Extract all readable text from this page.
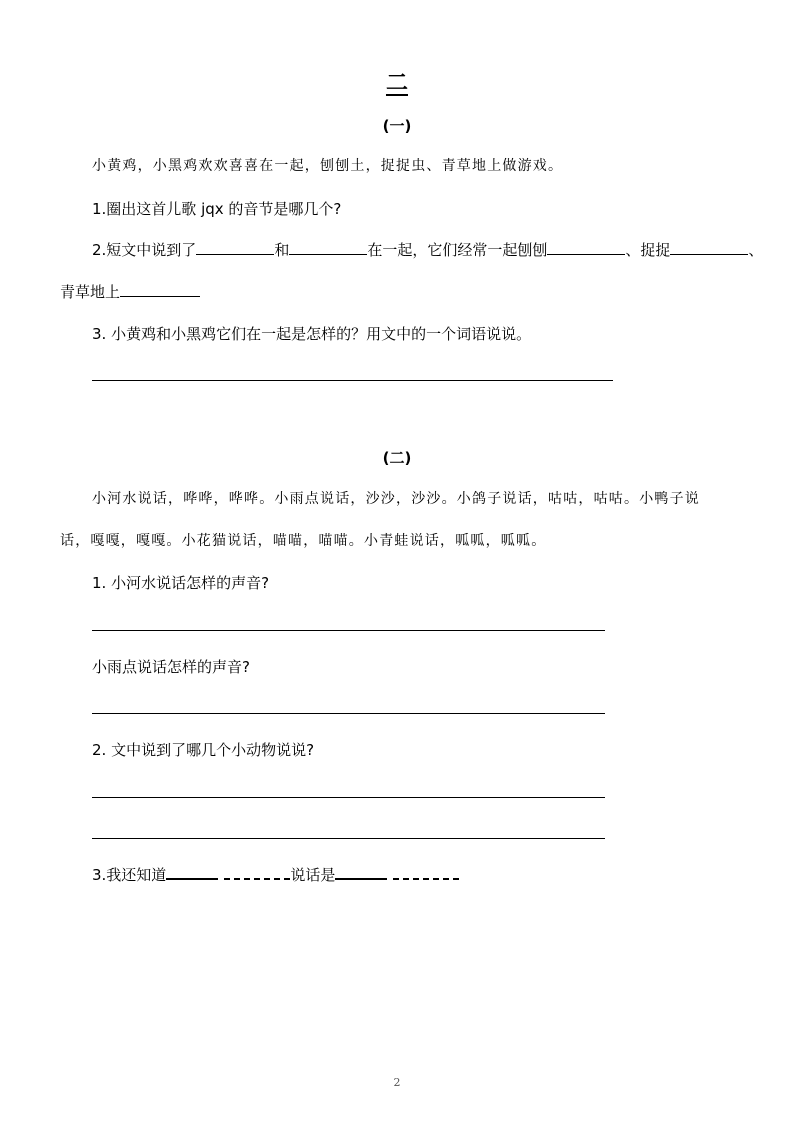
二
(一)
小黄鸡，小黑鸡欢欢喜喜在一起，刨刨土，捉捉虫、青草地上做游戏。
1.圈出这首儿歌 jqx 的音节是哪几个?
2.短文中说到了	和	在一起，它们经常一起刨刨	、捉捉	、
青草地上
3. 小黄鸡和小黑鸡它们在一起是怎样的？用文中的一个词语说说。
(二)
小河水说话，哗哗，哗哗。小雨点说话，沙沙，沙沙。小鸽子说话，咕咕，咕咕。小鸭子说
话，嘎嘎，嘎嘎。小花猫说话，喵喵，喵喵。小青蛙说话，呱呱，呱呱。
1. 小河水说话怎样的声音?
小雨点说话怎样的声音?
2. 文中说到了哪几个小动物说说?
3.我还知道	说话是
2
